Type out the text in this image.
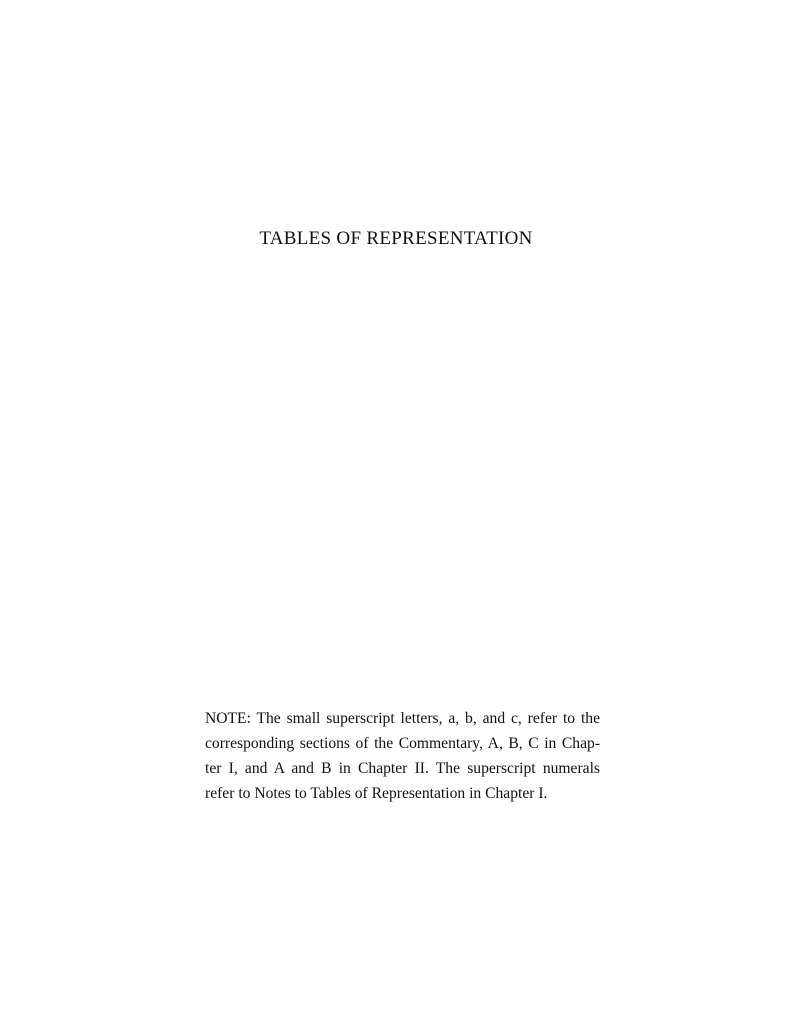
TABLES OF REPRESENTATION

NOTE: The small superscript letters, a, b, and c, refer to the
corresponding sections of the Commentary, A, B, C in Chap-
ter I, and A and B in Chapter II. The superscript numerals
refer to Notes to Tables of Representation in Chapter I.
